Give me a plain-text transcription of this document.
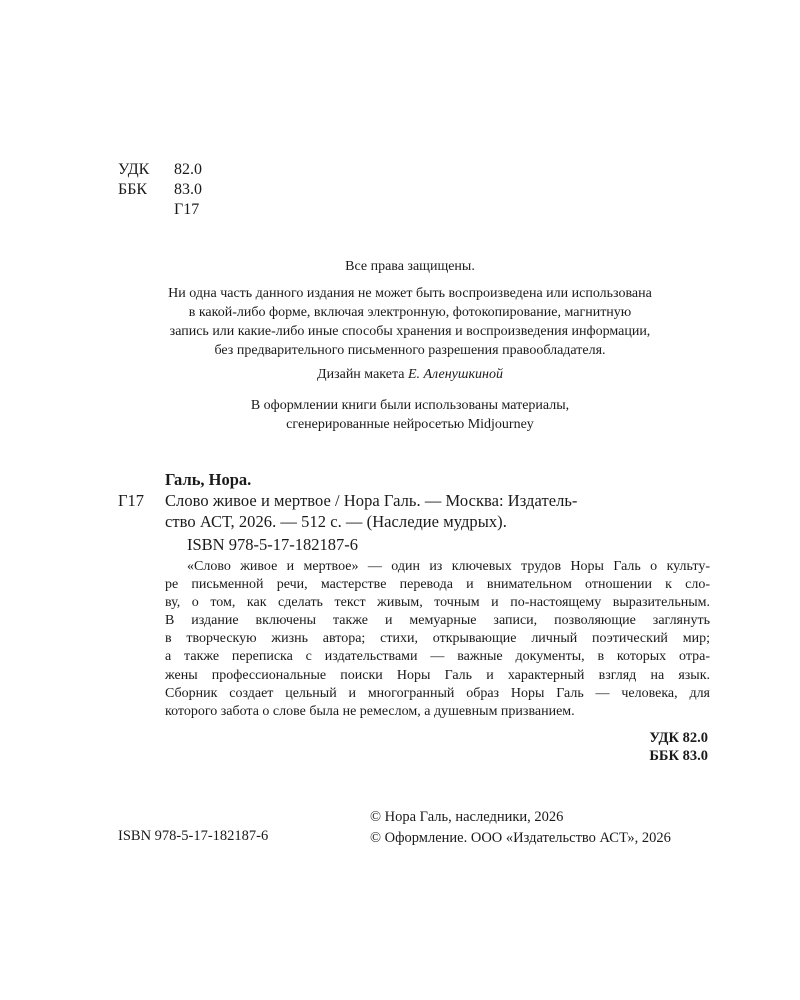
УДК	82.0
ББК	83.0
Г17
Все права защищены.
Ни одна часть данного издания не может быть воспроизведена или использована
в какой-либо форме, включая электронную, фотокопирование, магнитную
запись или какие-либо иные способы хранения и воспроизведения информации,
без предварительного письменного разрешения правообладателя.
Дизайн макета Е. Аленушкиной
В оформлении книги были использованы материалы,
сгенерированные нейросетью Midjourney
Галь, Нора.
Г17 Слово живое и мертвое / Нора Галь. — Москва: Издатель-
ство АСТ, 2026. — 512 с. — (Наследие мудрых).
ISBN 978-5-17-182187-6
«Слово живое и мертвое» — один из ключевых трудов Норы Галь о культу-
ре письменной речи, мастерстве перевода и внимательном отношении к сло-
ву, о том, как сделать текст живым, точным и по-настоящему выразительным.
В издание включены также и мемуарные записи, позволяющие заглянуть
в творческую жизнь автора; стихи, открывающие личный поэтический мир;
а также переписка с издательствами — важные документы, в которых отра-
жены профессиональные поиски Норы Галь и характерный взгляд на язык.
Сборник создает цельный и многогранный образ Норы Галь — человека, для
которого забота о слове была не ремеслом, а душевным призванием.
УДК 82.0
ББК 83.0
© Нора Галь, наследники, 2026
© Оформление. ООО «Издательство АСТ», 2026
ISBN 978-5-17-182187-6
